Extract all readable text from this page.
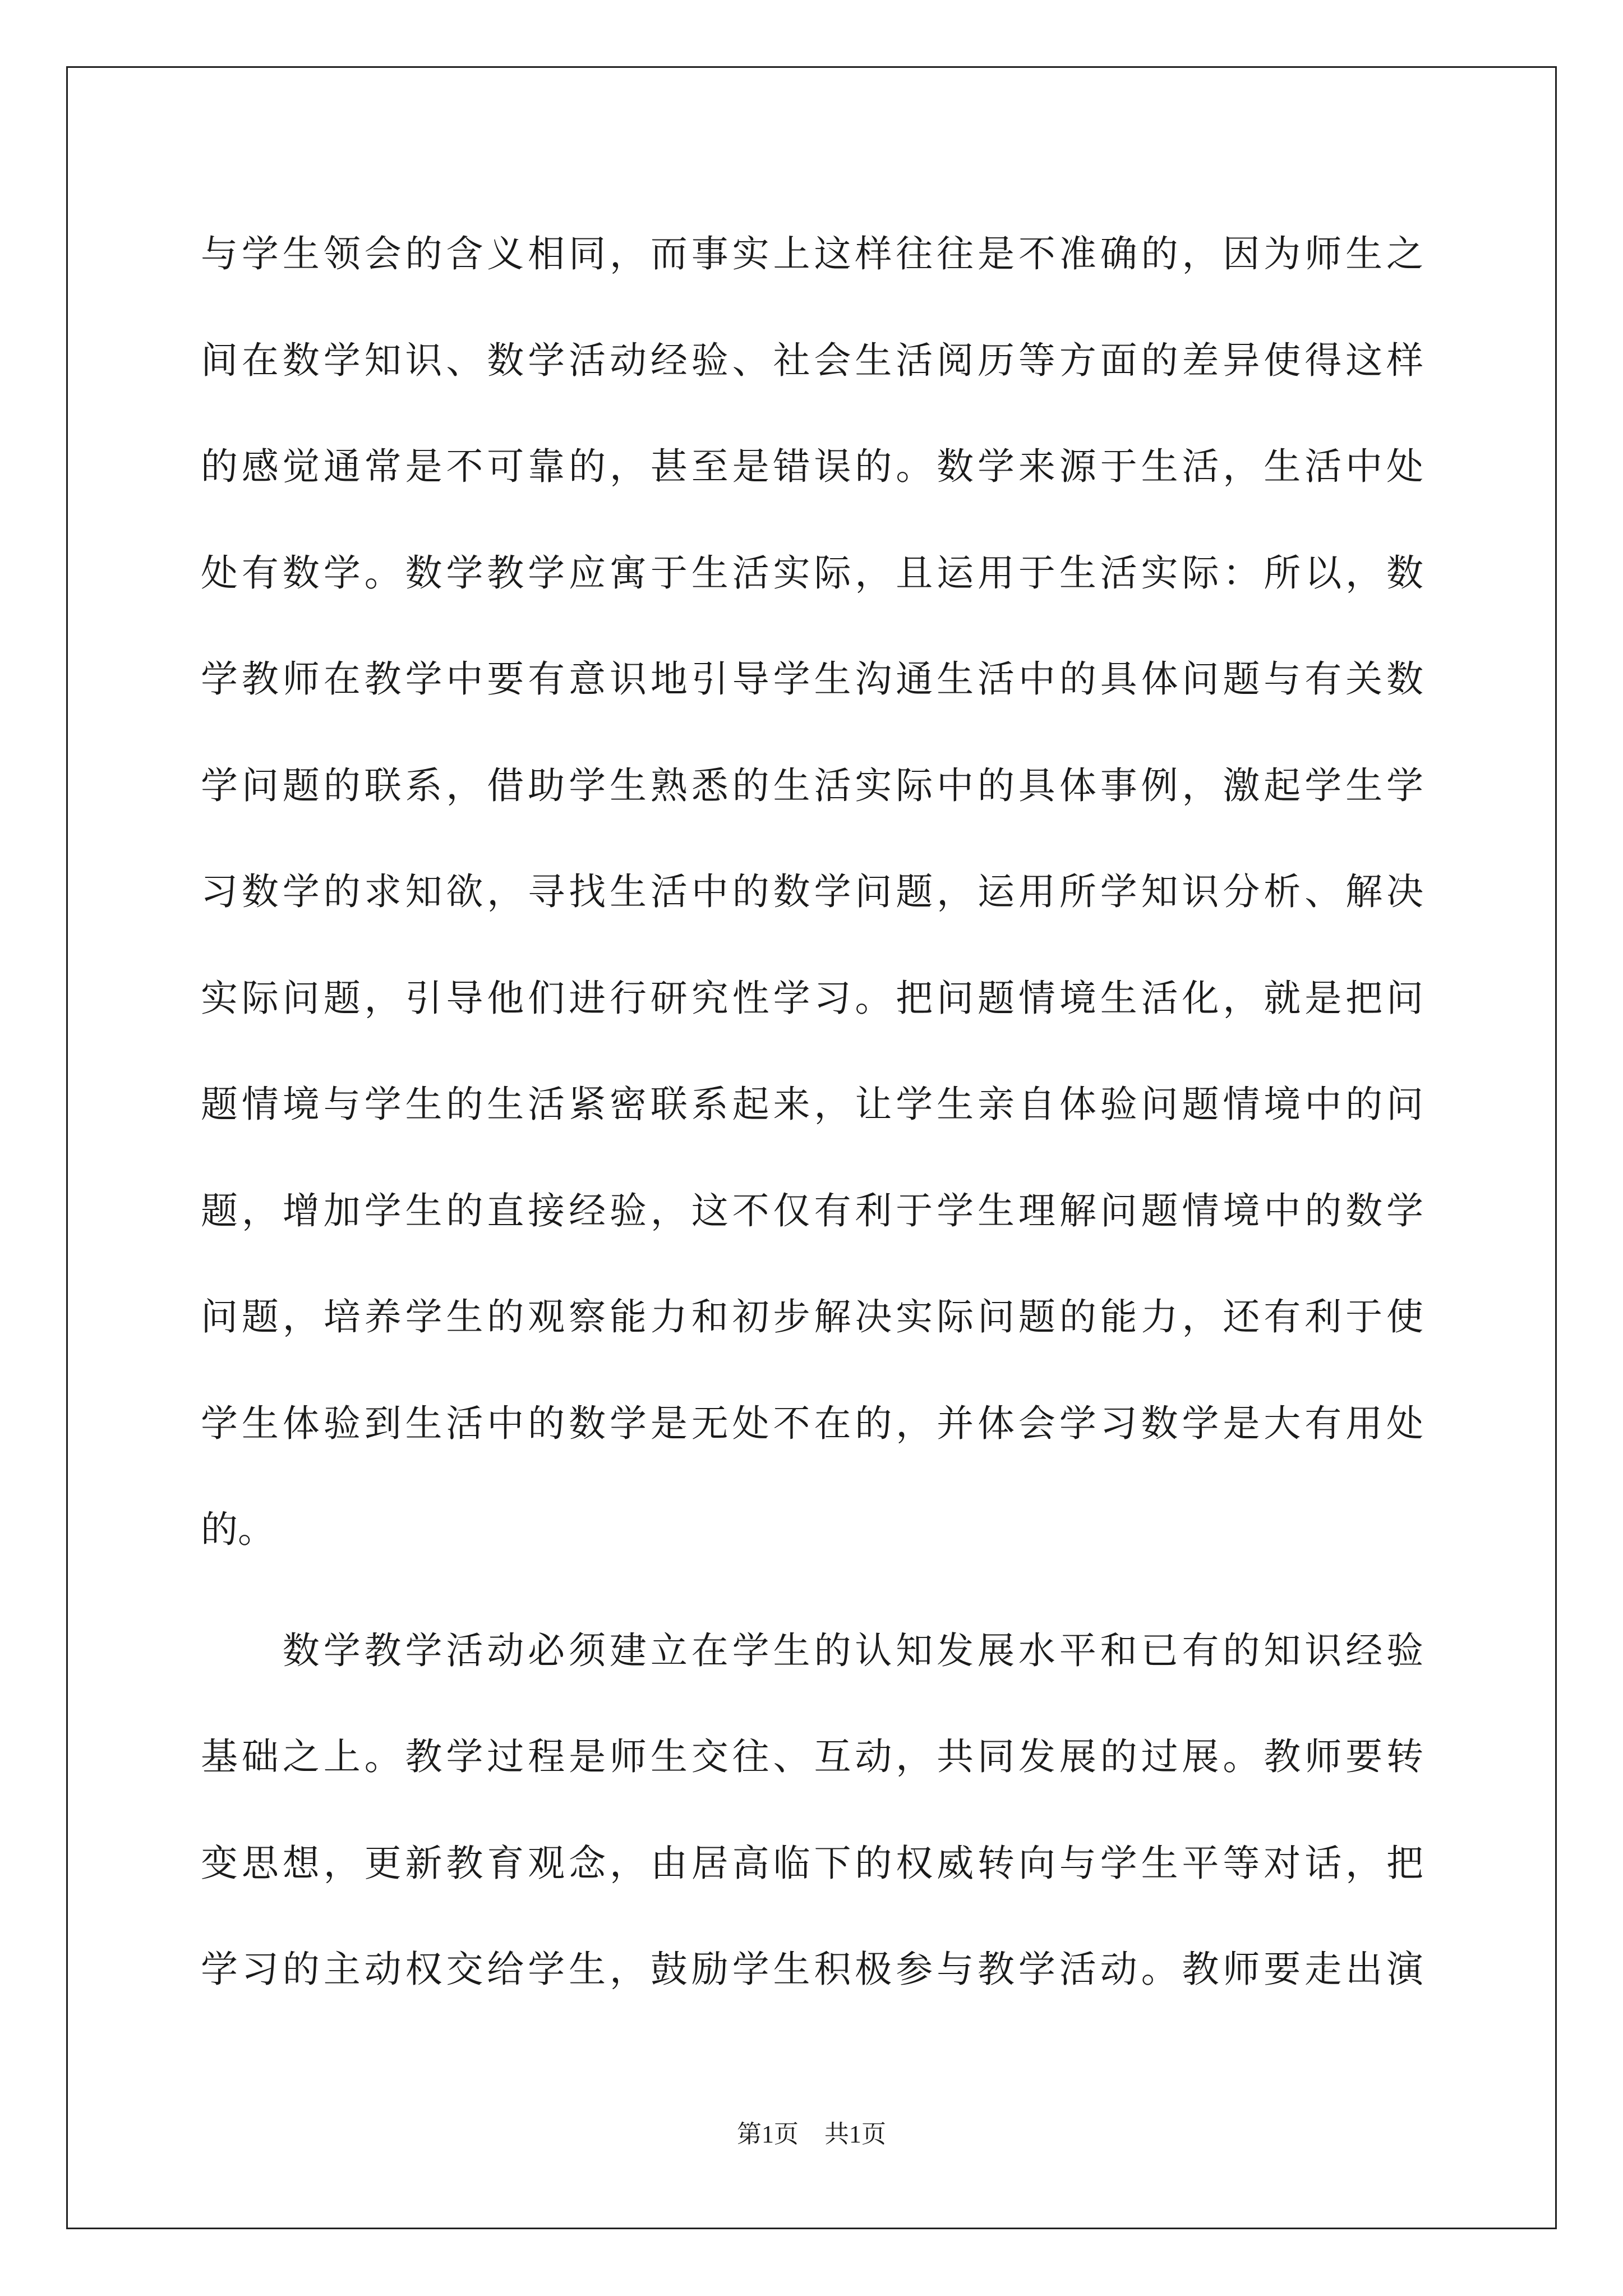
与学生领会的含义相同，而事实上这样往往是不准确的，因为师生之
间在数学知识、数学活动经验、社会生活阅历等方面的差异使得这样
的感觉通常是不可靠的，甚至是错误的。数学来源于生活，生活中处
处有数学。数学教学应寓于生活实际，且运用于生活实际：所以，数
学教师在教学中要有意识地引导学生沟通生活中的具体问题与有关数
学问题的联系，借助学生熟悉的生活实际中的具体事例，激起学生学
习数学的求知欲，寻找生活中的数学问题，运用所学知识分析、解决
实际问题，引导他们进行研究性学习。把问题情境生活化，就是把问
题情境与学生的生活紧密联系起来，让学生亲自体验问题情境中的问
题，增加学生的直接经验，这不仅有利于学生理解问题情境中的数学
问题，培养学生的观察能力和初步解决实际问题的能力，还有利于使
学生体验到生活中的数学是无处不在的，并体会学习数学是大有用处
的。
　　数学教学活动必须建立在学生的认知发展水平和已有的知识经验
基础之上。教学过程是师生交往、互动，共同发展的过展。教师要转
变思想，更新教育观念，由居高临下的权威转向与学生平等对话，把
学习的主动权交给学生，鼓励学生积极参与教学活动。教师要走出演
第1页 共1页
